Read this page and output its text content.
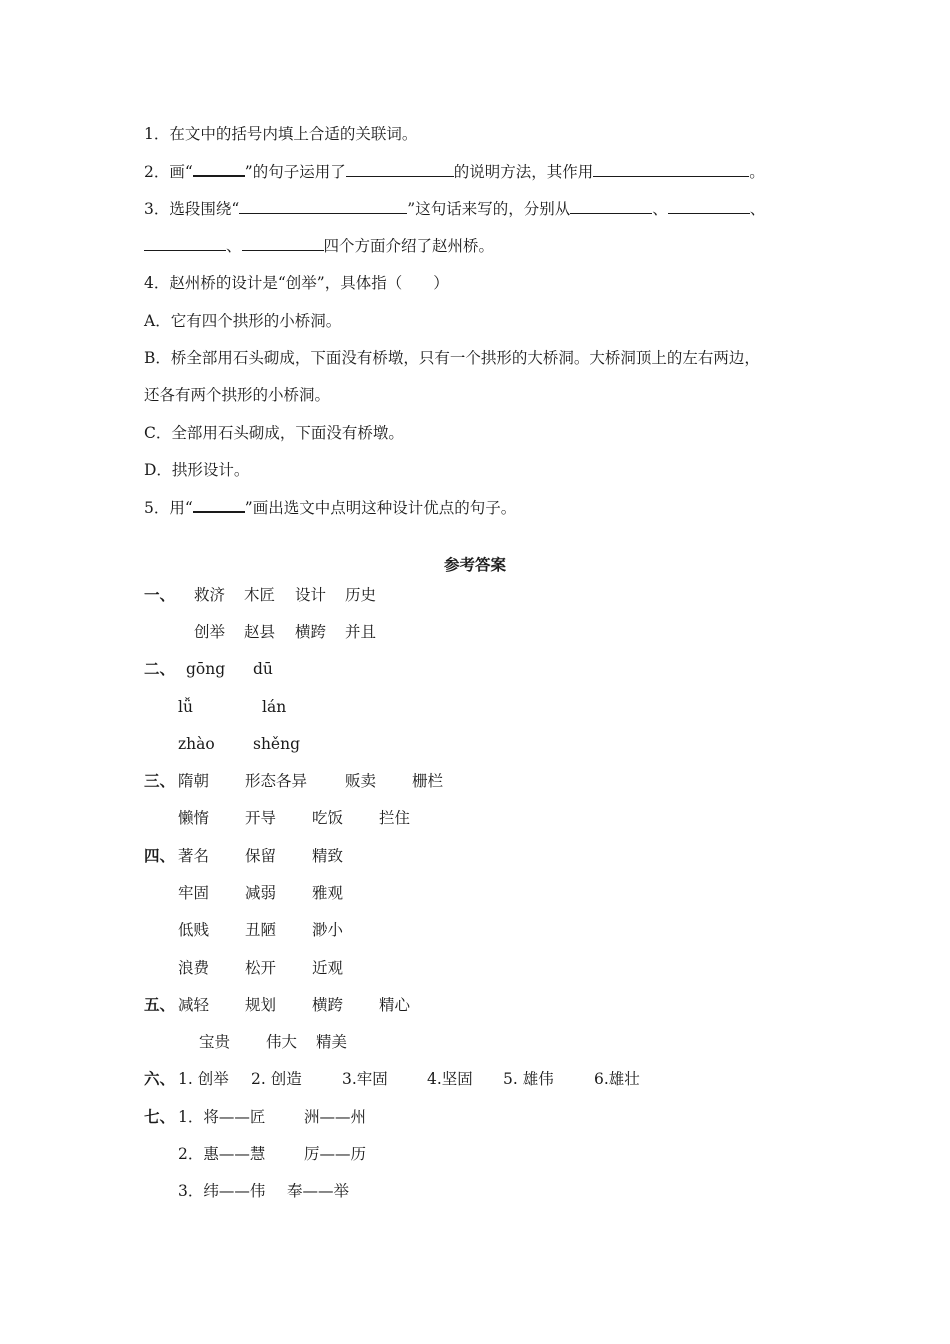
1．在文中的括号内填上合适的关联词。
2．画“	”的句子运用了	的说明方法，其作用	。
3．选段围绕“	”这句话来写的，分别从	、	、
、	四个方面介绍了赵州桥。
4．赵州桥的设计是“创举”，具体指（　　）
A．它有四个拱形的小桥洞。
B．桥全部用石头砌成，下面没有桥墩，只有一个拱形的大桥洞。大桥洞顶上的左右两边，
还各有两个拱形的小桥洞。
C．全部用石头砌成，下面没有桥墩。
D．拱形设计。
5．用“	”画出选文中点明这种设计优点的句子。
参考答案
一、 救济 木匠 设计 历史
创举 赵县 横跨 并且
二、 gōng dū
lǚ	lán
zhào shěng
三、 隋朝 形态各异 贩卖 栅栏
懒惰 开导 吃饭 拦住
四、 著名 保留 精致
牢固 减弱 雅观
低贱 丑陋 渺小
浪费 松开 近观
五、 减轻 规划 横跨 精心
宝贵 伟大 精美
六、 1. 创举 2. 创造	3.牢固	4.坚固 5. 雄伟	6.雄壮
七、 1．将——匠 洲——州
2．惠——慧 厉——历
3．纬——伟 奉——举
